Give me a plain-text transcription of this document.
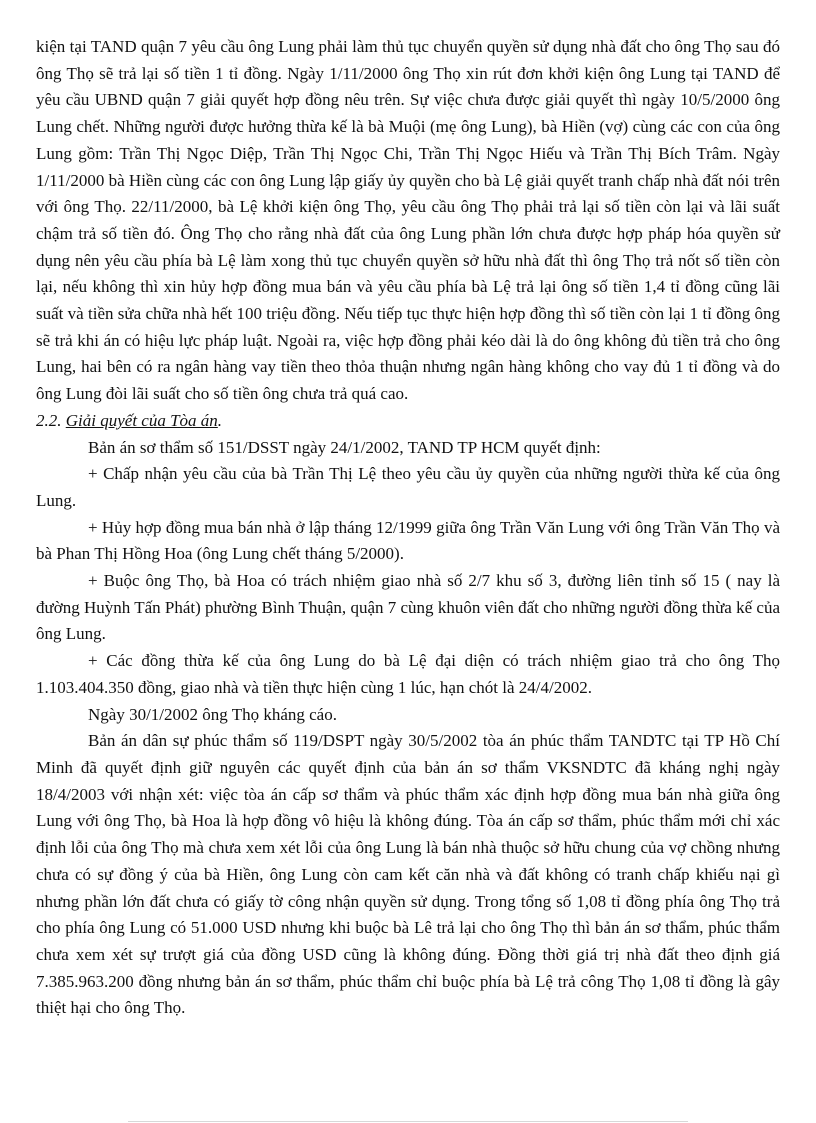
kiện tại TAND quận 7 yêu cầu ông Lung phải làm thủ tục chuyển quyền sử dụng nhà đất cho ông Thọ sau đó ông Thọ sẽ trả lại số tiền 1 tỉ đồng. Ngày 1/11/2000 ông Thọ xin rút đơn khởi kiện ông Lung tại TAND để yêu cầu UBND quận 7 giải quyết hợp đồng nêu trên. Sự việc chưa được giải quyết thì ngày 10/5/2000 ông Lung chết. Những người được hưởng thừa kế là bà Muội (mẹ ông Lung), bà Hiền (vợ) cùng các con của ông Lung gồm: Trần Thị Ngọc Diệp, Trần Thị Ngọc Chi, Trần Thị Ngọc Hiếu và Trần Thị Bích Trâm. Ngày 1/11/2000 bà Hiền cùng các con ông Lung lập giấy ủy quyền cho bà Lệ giải quyết tranh chấp nhà đất nói trên với ông Thọ. 22/11/2000, bà Lệ khởi kiện ông Thọ, yêu cầu ông Thọ phải trả lại số tiền còn lại và lãi suất chậm trả số tiền đó. Ông Thọ cho rằng nhà đất của ông Lung phần lớn chưa được hợp pháp hóa quyền sử dụng nên yêu cầu phía bà Lệ làm xong thủ tục chuyển quyền sở hữu nhà đất thì ông Thọ trả nốt số tiền còn lại, nếu không thì xin hủy hợp đồng mua bán và yêu cầu phía bà Lệ trả lại ông số tiền 1,4 tỉ đồng cũng lãi suất và tiền sửa chữa nhà hết 100 triệu đồng. Nếu tiếp tục thực hiện hợp đồng thì số tiền còn lại 1 tỉ đồng ông sẽ trả khi án có hiệu lực pháp luật. Ngoài ra, việc hợp đồng phải kéo dài là do ông không đủ tiền trả cho ông Lung, hai bên có ra ngân hàng vay tiền theo thỏa thuận nhưng ngân hàng không cho vay đủ 1 tỉ đồng và do ông Lung đòi lãi suất cho số tiền ông chưa trả quá cao.

2.2. Giải quyết của Tòa án.

Bản án sơ thẩm số 151/DSST ngày 24/1/2002, TAND TP HCM quyết định:

+ Chấp nhận yêu cầu của bà Trần Thị Lệ theo yêu cầu ủy quyền của những người thừa kế của ông Lung.

+ Hủy hợp đồng mua bán nhà ở lập tháng 12/1999 giữa ông Trần Văn Lung với ông Trần Văn Thọ và bà Phan Thị Hồng Hoa (ông Lung chết tháng 5/2000).

+ Buộc ông Thọ, bà Hoa có trách nhiệm giao nhà số 2/7 khu số 3, đường liên tỉnh số 15 ( nay là đường Huỳnh Tấn Phát) phường Bình Thuận, quận 7 cùng khuôn viên đất cho những người đồng thừa kế của ông Lung.

+ Các đồng thừa kế của ông Lung do bà Lệ đại diện có trách nhiệm giao trả cho ông Thọ 1.103.404.350 đồng, giao nhà và tiền thực hiện cùng 1 lúc, hạn chót là 24/4/2002.

Ngày 30/1/2002 ông Thọ kháng cáo.

Bản án dân sự phúc thẩm số 119/DSPT ngày 30/5/2002 tòa án phúc thẩm TANDTC tại TP Hồ Chí Minh đã quyết định giữ nguyên các quyết định của bản án sơ thẩm VKSNDTC đã kháng nghị ngày 18/4/2003 với nhận xét: việc tòa án cấp sơ thẩm và phúc thẩm xác định hợp đồng mua bán nhà giữa ông Lung với ông Thọ, bà Hoa là hợp đồng vô hiệu là không đúng. Tòa án cấp sơ thẩm, phúc thẩm mới chỉ xác định lỗi của ông Thọ mà chưa xem xét lỗi của ông Lung là bán nhà thuộc sở hữu chung của vợ chồng nhưng chưa có sự đồng ý của bà Hiền, ông Lung còn cam kết căn nhà và đất không có tranh chấp khiếu nại gì nhưng phần lớn đất chưa có giấy tờ công nhận quyền sử dụng. Trong tổng số 1,08 tỉ đồng phía ông Thọ trả cho phía ông Lung có 51.000 USD nhưng khi buộc bà Lê trả lại cho ông Thọ thì bản án sơ thẩm, phúc thẩm chưa xem xét sự trượt giá của đồng USD cũng là không đúng. Đồng thời giá trị nhà đất theo định giá 7.385.963.200 đồng nhưng bản án sơ thẩm, phúc thẩm chỉ buộc phía bà Lệ trả công Thọ 1,08 tỉ đồng là gây thiệt hại cho ông Thọ.
